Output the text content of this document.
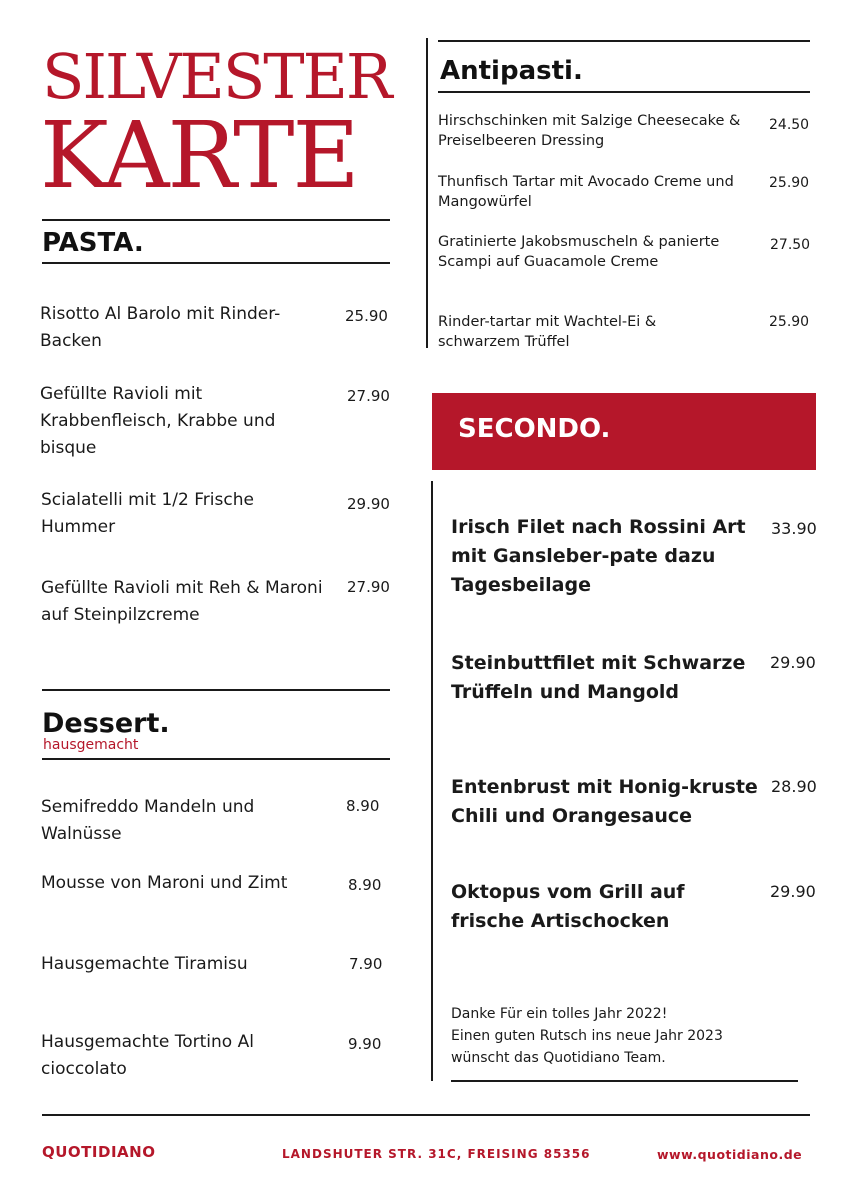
SILVESTER
KARTE
PASTA.
Risotto Al Barolo mit Rinder-Backen
25.90
Gefüllte Ravioli mit Krabbenfleisch, Krabbe und bisque
27.90
Scialatelli mit 1/2 Frische Hummer
29.90
Gefüllte Ravioli mit Reh & Maroni auf Steinpilzcreme
27.90
Dessert.
hausgemacht
Semifreddo Mandeln und Walnüsse
8.90
Mousse von Maroni und Zimt	8.90
Hausgemachte Tiramisu	7.90
Hausgemachte Tortino Al cioccolato
9.90
Antipasti.
Hirschschinken mit Salzige Cheesecake & Preiselbeeren Dressing
24.50
Thunfisch Tartar mit Avocado Creme und Mangowürfel
25.90
Gratinierte Jakobsmuscheln & panierte Scampi auf Guacamole Creme
27.50
Rinder-tartar mit Wachtel-Ei & schwarzem Trüffel
25.90
SECONDO.
Irisch Filet nach Rossini Art mit Gansleber-pate dazu Tagesbeilage
33.90
Steinbuttfilet mit Schwarze Trüffeln und Mangold
29.90
Entenbrust mit Honig-kruste Chili und Orangesauce
28.90
Oktopus vom Grill auf frische Artischocken
29.90
Danke Für ein tolles Jahr 2022!
Einen guten Rutsch ins neue Jahr 2023
wünscht das Quotidiano Team.
QUOTIDIANO	LANDSHUTER STR. 31C, FREISING 85356	www.quotidiano.de
